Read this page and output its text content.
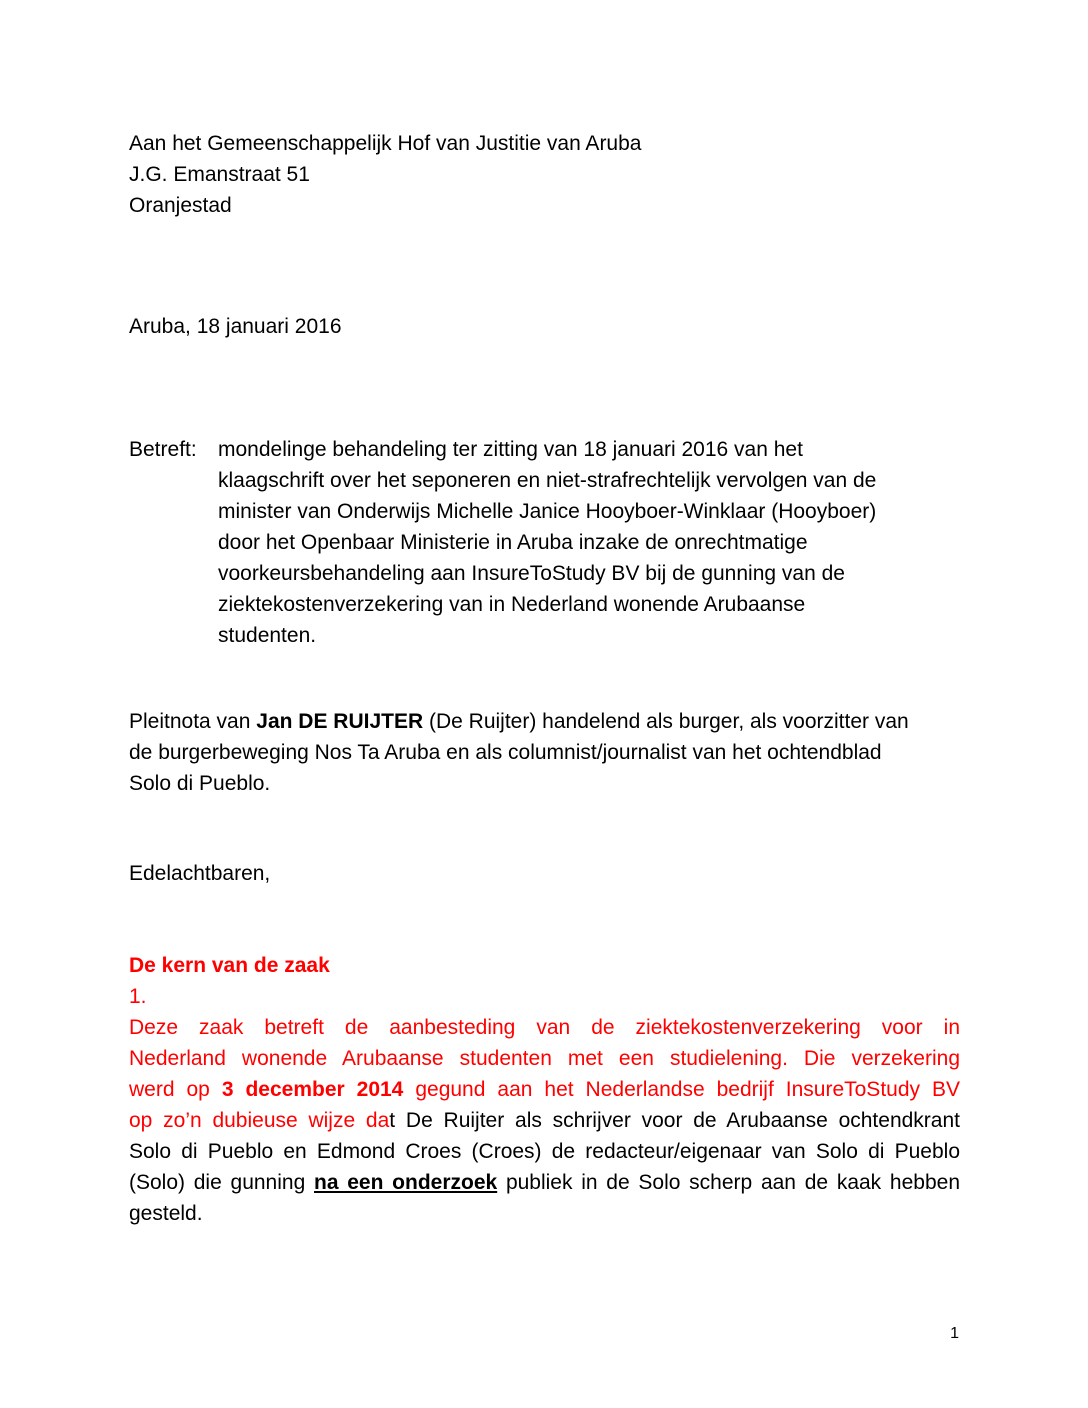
Aan het Gemeenschappelijk Hof van Justitie van Aruba
J.G. Emanstraat 51
Oranjestad
Aruba, 18 januari 2016
Betreft: mondelinge behandeling ter zitting van 18 januari 2016 van het
klaagschrift over het seponeren en niet-strafrechtelijk vervolgen van de
minister van Onderwijs Michelle Janice Hooyboer-Winklaar (Hooyboer)
door het Openbaar Ministerie in Aruba inzake de onrechtmatige
voorkeursbehandeling aan InsureToStudy BV bij de gunning van de
ziektekostenverzekering van in Nederland wonende Arubaanse
studenten.
Pleitnota van Jan DE RUIJTER (De Ruijter) handelend als burger, als voorzitter van
de burgerbeweging Nos Ta Aruba en als columnist/journalist van het ochtendblad
Solo di Pueblo.
Edelachtbaren,
De kern van de zaak
1.
Deze zaak betreft de aanbesteding van de ziektekostenverzekering voor in
Nederland wonende Arubaanse studenten met een studielening. Die verzekering
werd op 3 december 2014 gegund aan het Nederlandse bedrijf InsureToStudy BV
op zo’n dubieuse wijze dat De Ruijter als schrijver voor de Arubaanse ochtendkrant
Solo di Pueblo en Edmond Croes (Croes) de redacteur/eigenaar van Solo di Pueblo
(Solo) die gunning na een onderzoek publiek in de Solo scherp aan de kaak hebben
gesteld.
1
